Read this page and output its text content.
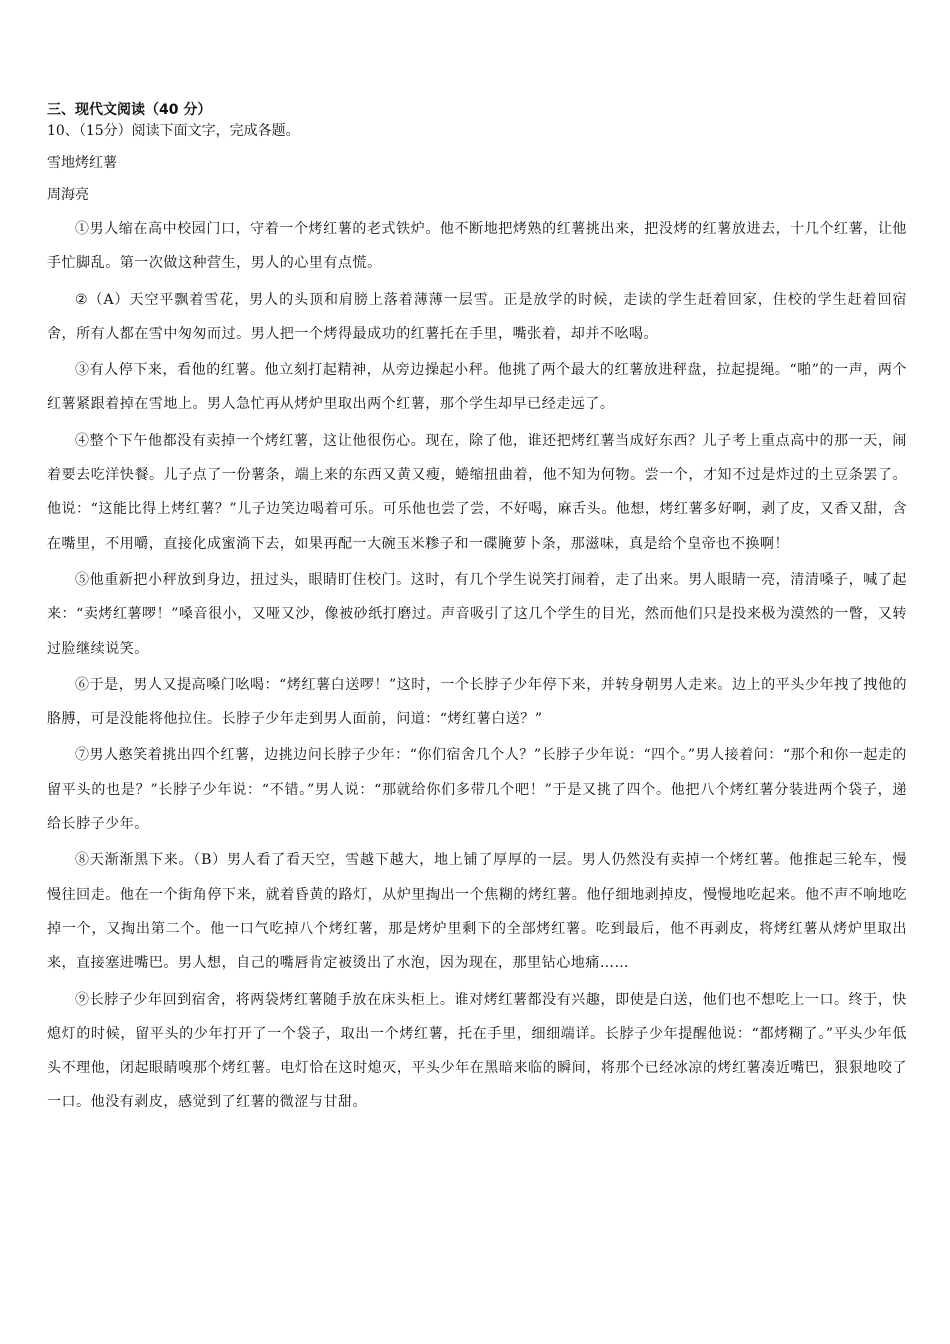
三、现代文阅读（40 分）

10、（15分）阅读下面文字，完成各题。

雪地烤红薯

周海亮

①男人缩在高中校园门口，守着一个烤红薯的老式铁炉。他不断地把烤熟的红薯挑出来，把没烤的红薯放进去，十几个红薯，让他手忙脚乱。第一次做这种营生，男人的心里有点慌。

②（A）天空平飘着雪花，男人的头顶和肩膀上落着薄薄一层雪。正是放学的时候，走读的学生赶着回家，住校的学生赶着回宿舍，所有人都在雪中匆匆而过。男人把一个烤得最成功的红薯托在手里，嘴张着，却并不吆喝。

③有人停下来，看他的红薯。他立刻打起精神，从旁边操起小秤。他挑了两个最大的红薯放进秤盘，拉起提绳。“啪”的一声，两个红薯紧跟着掉在雪地上。男人急忙再从烤炉里取出两个红薯，那个学生却早已经走远了。

④整个下午他都没有卖掉一个烤红薯，这让他很伤心。现在，除了他，谁还把烤红薯当成好东西？儿子考上重点高中的那一天，闹着要去吃洋快餐。儿子点了一份薯条，端上来的东西又黄又瘦，蜷缩扭曲着，他不知为何物。尝一个，才知不过是炸过的土豆条罢了。他说：“这能比得上烤红薯？”儿子边笑边喝着可乐。可乐他也尝了尝，不好喝，麻舌头。他想，烤红薯多好啊，剥了皮，又香又甜，含在嘴里，不用嚼，直接化成蜜淌下去，如果再配一大碗玉米糁子和一碟腌萝卜条，那滋味，真是给个皇帝也不换啊！

⑤他重新把小秤放到身边，扭过头，眼睛盯住校门。这时，有几个学生说笑打闹着，走了出来。男人眼睛一亮，清清嗓子，喊了起来：“卖烤红薯啰！”嗓音很小，又哑又沙，像被砂纸打磨过。声音吸引了这几个学生的目光，然而他们只是投来极为漠然的一瞥，又转过脸继续说笑。

⑥于是，男人又提高嗓门吆喝：“烤红薯白送啰！”这时，一个长脖子少年停下来，并转身朝男人走来。边上的平头少年拽了拽他的胳膊，可是没能将他拉住。长脖子少年走到男人面前，问道：“烤红薯白送？”

⑦男人憨笑着挑出四个红薯，边挑边问长脖子少年：“你们宿舍几个人？”长脖子少年说：“四个。”男人接着问：“那个和你一起走的留平头的也是？”长脖子少年说：“不错。”男人说：“那就给你们多带几个吧！”于是又挑了四个。他把八个烤红薯分装进两个袋子，递给长脖子少年。

⑧天渐渐黑下来。（B）男人看了看天空，雪越下越大，地上铺了厚厚的一层。男人仍然没有卖掉一个烤红薯。他推起三轮车，慢慢往回走。他在一个街角停下来，就着昏黄的路灯，从炉里掏出一个焦糊的烤红薯。他仔细地剥掉皮，慢慢地吃起来。他不声不响地吃掉一个，又掏出第二个。他一口气吃掉八个烤红薯，那是烤炉里剩下的全部烤红薯。吃到最后，他不再剥皮，将烤红薯从烤炉里取出来，直接塞进嘴巴。男人想，自己的嘴唇肯定被烫出了水泡，因为现在，那里钻心地痛……

⑨长脖子少年回到宿舍，将两袋烤红薯随手放在床头柜上。谁对烤红薯都没有兴趣，即使是白送，他们也不想吃上一口。终于，快熄灯的时候，留平头的少年打开了一个袋子，取出一个烤红薯，托在手里，细细端详。长脖子少年提醒他说：“都烤糊了。”平头少年低头不理他，闭起眼睛嗅那个烤红薯。电灯恰在这时熄灭，平头少年在黑暗来临的瞬间，将那个已经冰凉的烤红薯凑近嘴巴，狠狠地咬了一口。他没有剥皮，感觉到了红薯的微涩与甘甜。
